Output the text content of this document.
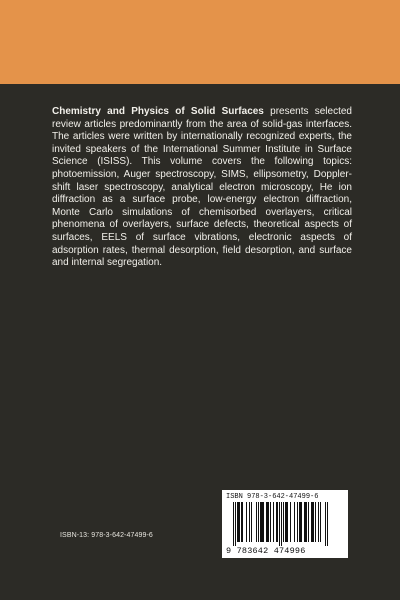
Chemistry and Physics of Solid Surfaces presents selected review articles predominantly from the area of solid-gas interfaces. The articles were written by internationally recognized experts, the invited speakers of the International Summer Institute in Surface Science (ISISS). This volume covers the following topics: photoemission, Auger spectroscopy, SIMS, ellipsometry, Doppler-shift laser spectroscopy, analytical electron microscopy, He ion diffraction as a surface probe, low-energy electron diffraction, Monte Carlo simulations of chemisorbed overlayers, critical phenomena of overlayers, surface defects, theoretical aspects of surfaces, EELS of surface vibrations, electronic aspects of adsorption rates, thermal desorption, field desorption, and surface and internal segregation.

ISBN-13: 978-3-642-47499-6
ISBN 978-3-642-47499-6
9 783642 474996
